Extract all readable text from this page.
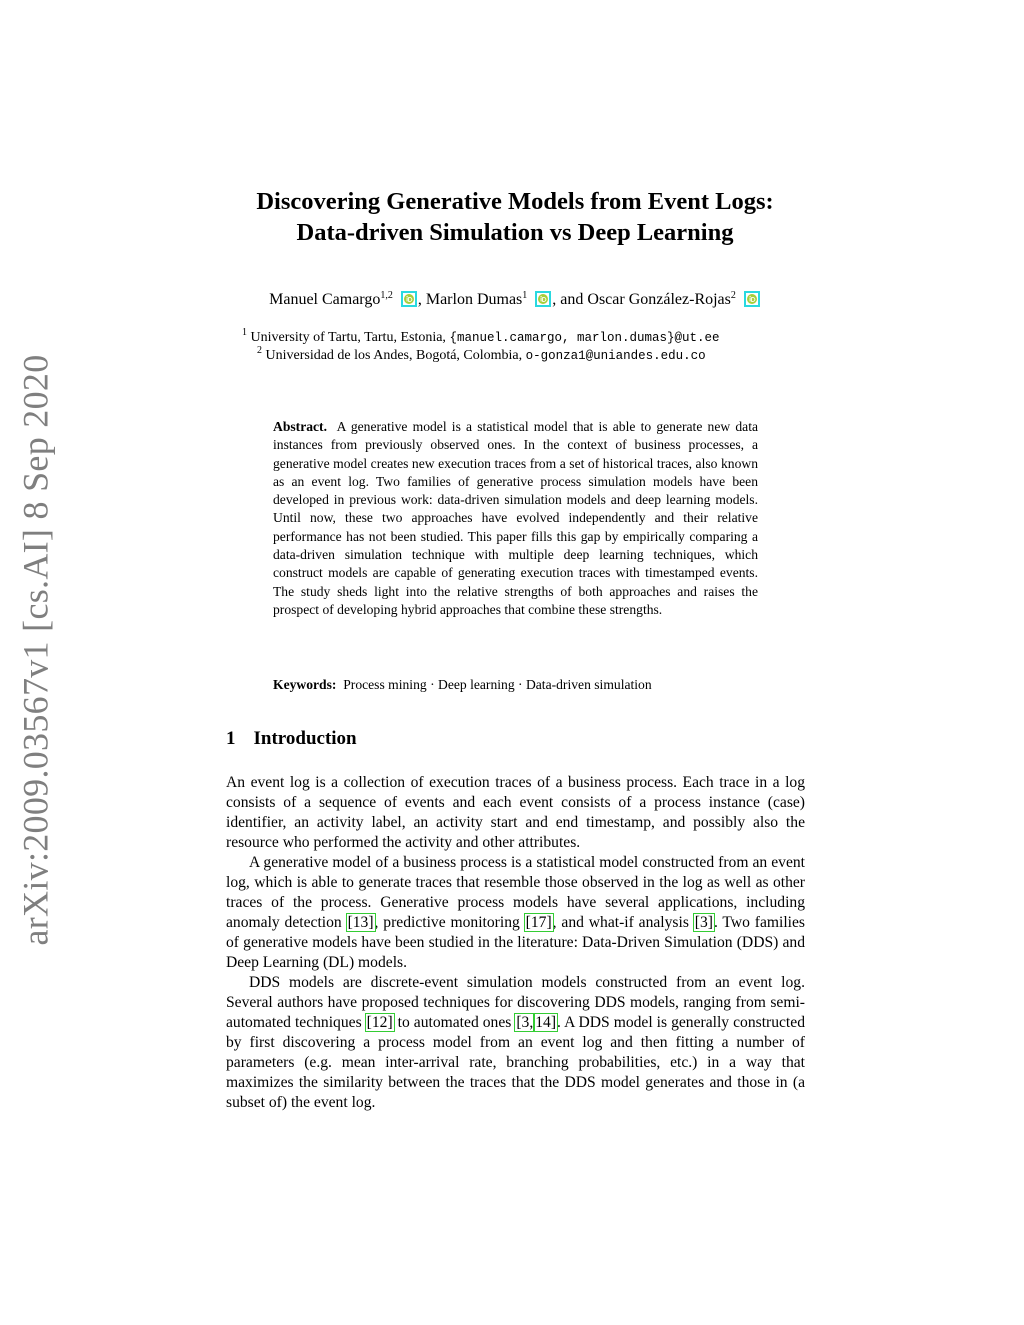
arXiv:2009.03567v1 [cs.AI] 8 Sep 2020
Discovering Generative Models from Event Logs:
Data-driven Simulation vs Deep Learning
Manuel Camargo$^{1,2}$ , Marlon Dumas$^1$ , and Oscar González-Rojas$^2$
$^1$ University of Tartu, Tartu, Estonia, {manuel.camargo, marlon.dumas}@ut.ee
$^2$ Universidad de los Andes, Bogotá, Colombia, o-gonza1@uniandes.edu.co
Abstract. A generative model is a statistical model that is able to generate new data instances from previously observed ones. In the context of business processes, a generative model creates new execution traces from a set of historical traces, also known as an event log. Two families of generative process simulation models have been developed in previous work: data-driven simulation models and deep learning models. Until now, these two approaches have evolved independently and their relative performance has not been studied. This paper fills this gap by empirically comparing a data-driven simulation technique with multiple deep learning techniques, which construct models are capable of generating execution traces with timestamped events. The study sheds light into the relative strengths of both approaches and raises the prospect of developing hybrid approaches that combine these strengths.
Keywords: Process mining · Deep learning · Data-driven simulation
1 Introduction

An event log is a collection of execution traces of a business process. Each trace in a log consists of a sequence of events and each event consists of a process instance (case) identifier, an activity label, an activity start and end timestamp, and possibly also the resource who performed the activity and other attributes.

A generative model of a business process is a statistical model constructed from an event log, which is able to generate traces that resemble those observed in the log as well as other traces of the process. Generative process models have several applications, including anomaly detection [13], predictive monitoring [17], and what-if analysis [3]. Two families of generative models have been studied in the literature: Data-Driven Simulation (DDS) and Deep Learning (DL) models.

DDS models are discrete-event simulation models constructed from an event log. Several authors have proposed techniques for discovering DDS models, ranging from semi-automated techniques [12] to automated ones [3, 14]. A DDS model is generally constructed by first discovering a process model from an event log and then fitting a number of parameters (e.g. mean inter-arrival rate, branching probabilities, etc.) in a way that maximizes the similarity between the traces that the DDS model generates and those in (a subset of) the event log.
